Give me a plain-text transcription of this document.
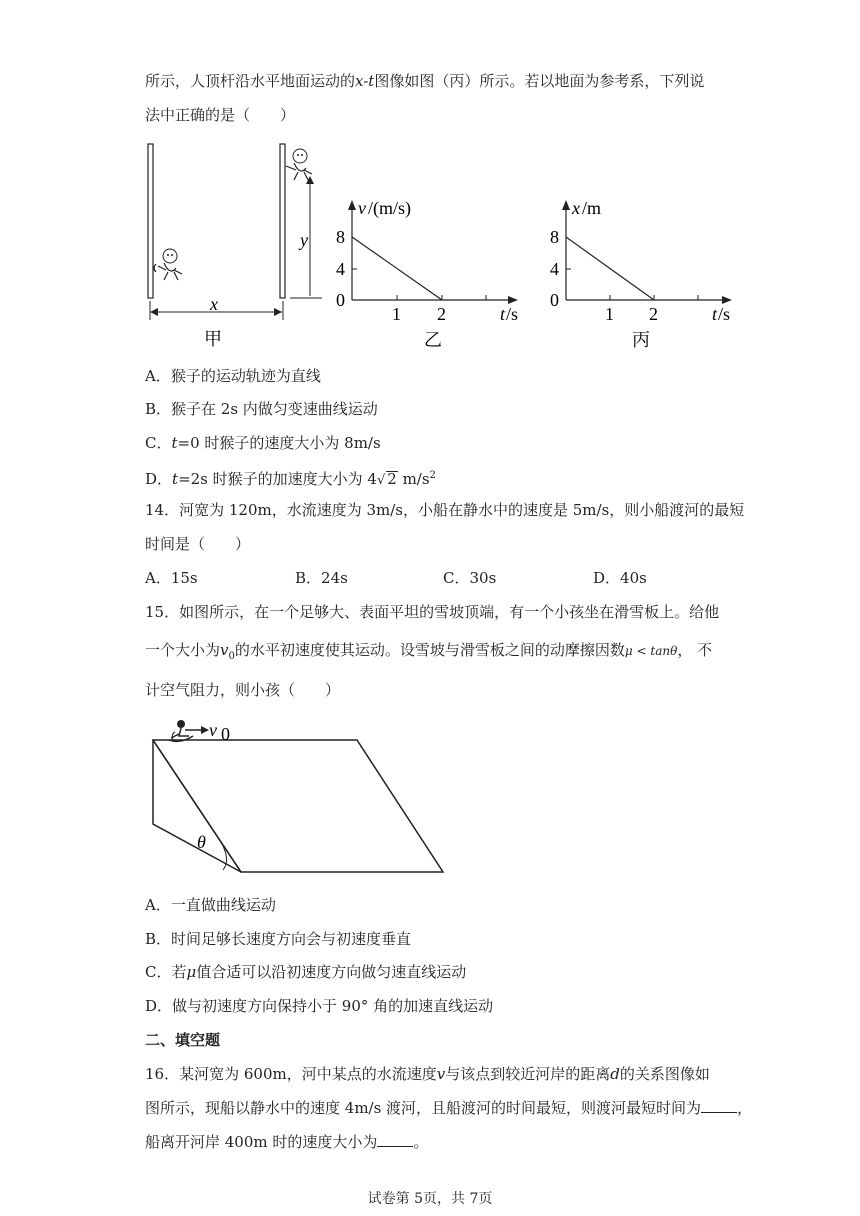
所示，人顶杆沿水平地面运动的x-t图像如图（丙）所示。若以地面为参考系，下列说
法中正确的是（　　）
y
x
甲
v /(m/s)
8
4
0
1 2	t /s
乙
x /m
8
4
0
1 2	t /s
丙
A．猴子的运动轨迹为直线
B．猴子在 2s 内做匀变速曲线运动
C．t=0 时猴子的速度大小为 8m/s
D．t=2s 时猴子的加速度大小为 4√ 2 $m/s^2$
14．河宽为 120m，水流速度为 3m/s，小船在静水中的速度是 5m/s，则小船渡河的最短
时间是（　　）
A．15s	B．24s	C．30s	D．40s
15．如图所示，在一个足够大、表面平坦的雪坡顶端，有一个小孩坐在滑雪板上。给他
一个大小为$v_0$的水平初速度使其运动。设雪坡与滑雪板之间的动摩擦因数μ < tanθ， 不
计空气阻力，则小孩（　　）
θ
v 0
A．一直做曲线运动
B．时间足够长速度方向会与初速度垂直
C．若μ值合适可以沿初速度方向做匀速直线运动
D．做与初速度方向保持小于 90° 角的加速直线运动
二、填空题
16．某河宽为 600m，河中某点的水流速度v与该点到较近河岸的距离d的关系图像如
图所示，现船以静水中的速度 4m/s 渡河，且船渡河的时间最短，则渡河最短时间为 ，
船离开河岸 400m 时的速度大小为 。
试卷第 5页，共 7页
